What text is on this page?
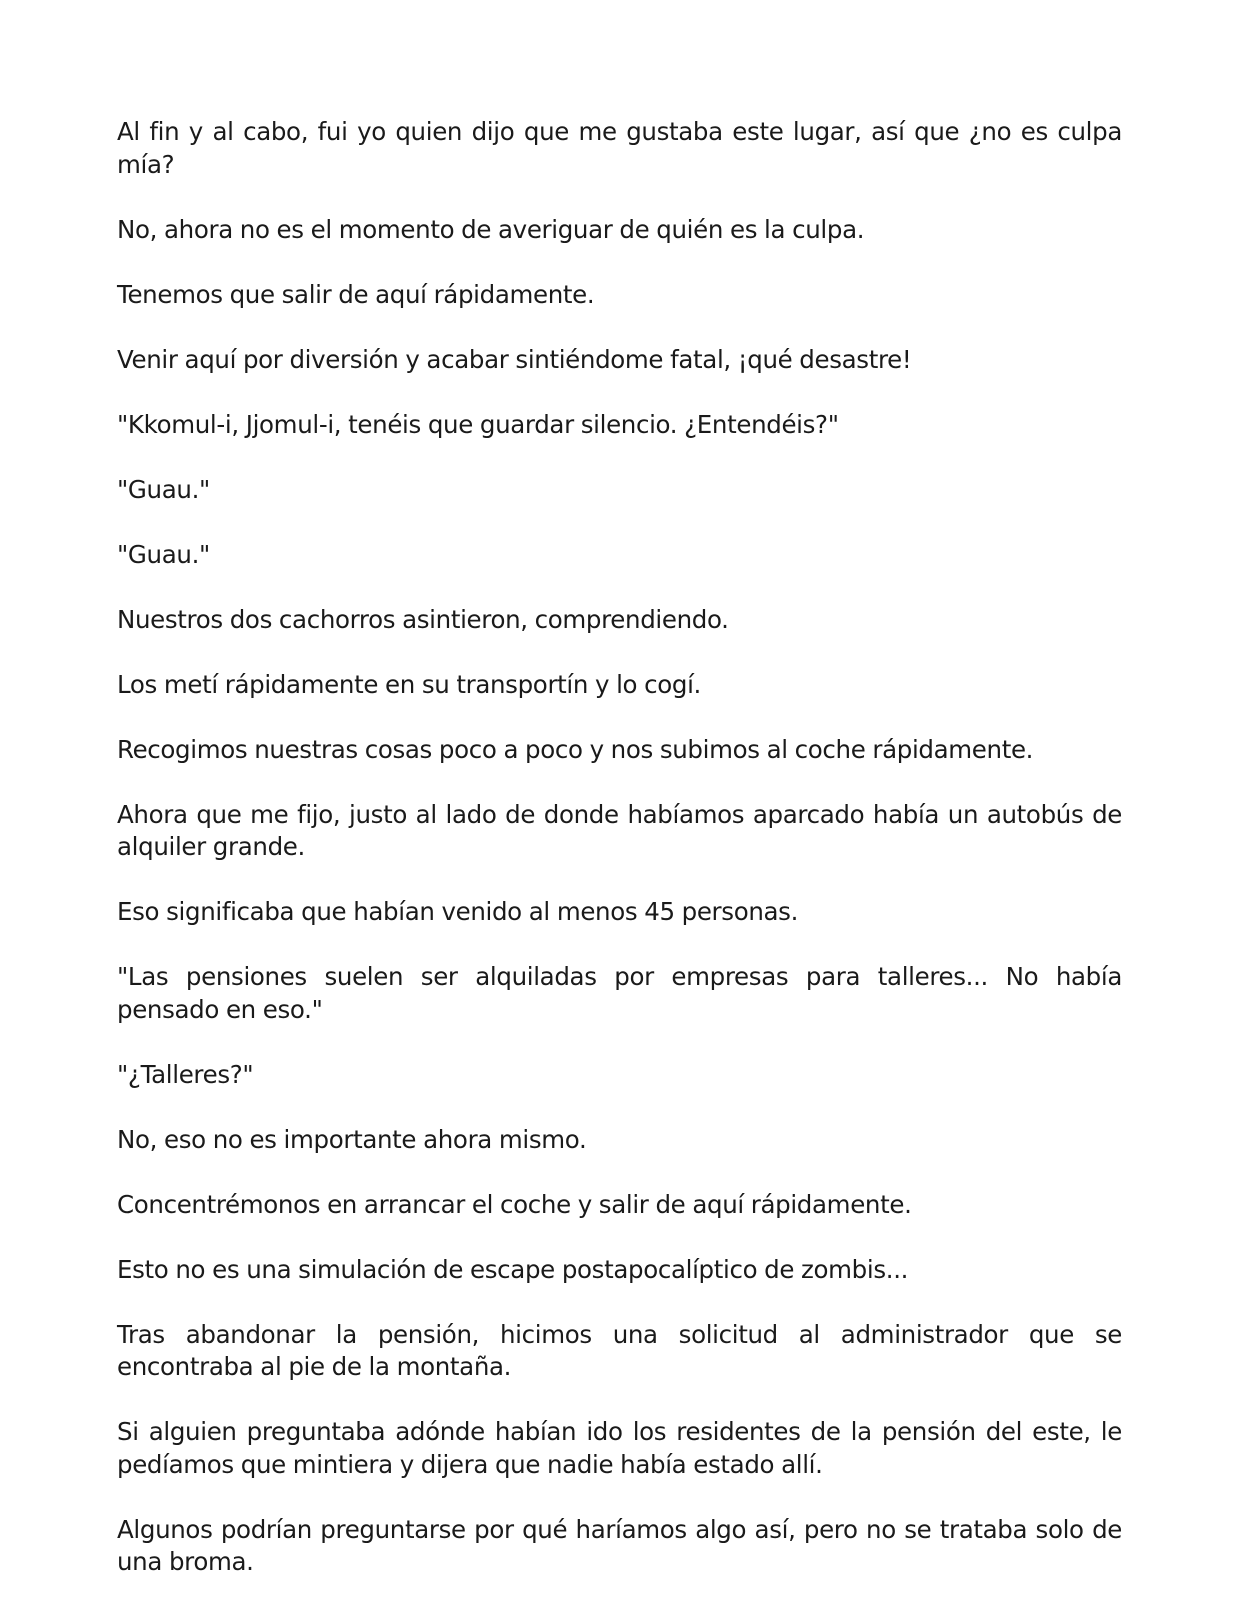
Al fin y al cabo, fui yo quien dijo que me gustaba este lugar, así que ¿no es culpa mía?

No, ahora no es el momento de averiguar de quién es la culpa.

Tenemos que salir de aquí rápidamente.

Venir aquí por diversión y acabar sintiéndome fatal, ¡qué desastre!

"Kkomul-i, Jjomul-i, tenéis que guardar silencio. ¿Entendéis?"

"Guau."

"Guau."

Nuestros dos cachorros asintieron, comprendiendo.

Los metí rápidamente en su transportín y lo cogí.

Recogimos nuestras cosas poco a poco y nos subimos al coche rápidamente.

Ahora que me fijo, justo al lado de donde habíamos aparcado había un autobús de alquiler grande.

Eso significaba que habían venido al menos 45 personas.

"Las pensiones suelen ser alquiladas por empresas para talleres... No había pensado en eso."

"¿Talleres?"

No, eso no es importante ahora mismo.

Concentrémonos en arrancar el coche y salir de aquí rápidamente.

Esto no es una simulación de escape postapocalíptico de zombis...

Tras abandonar la pensión, hicimos una solicitud al administrador que se encontraba al pie de la montaña.

Si alguien preguntaba adónde habían ido los residentes de la pensión del este, le pedíamos que mintiera y dijera que nadie había estado allí.

Algunos podrían preguntarse por qué haríamos algo así, pero no se trataba solo de una broma.
